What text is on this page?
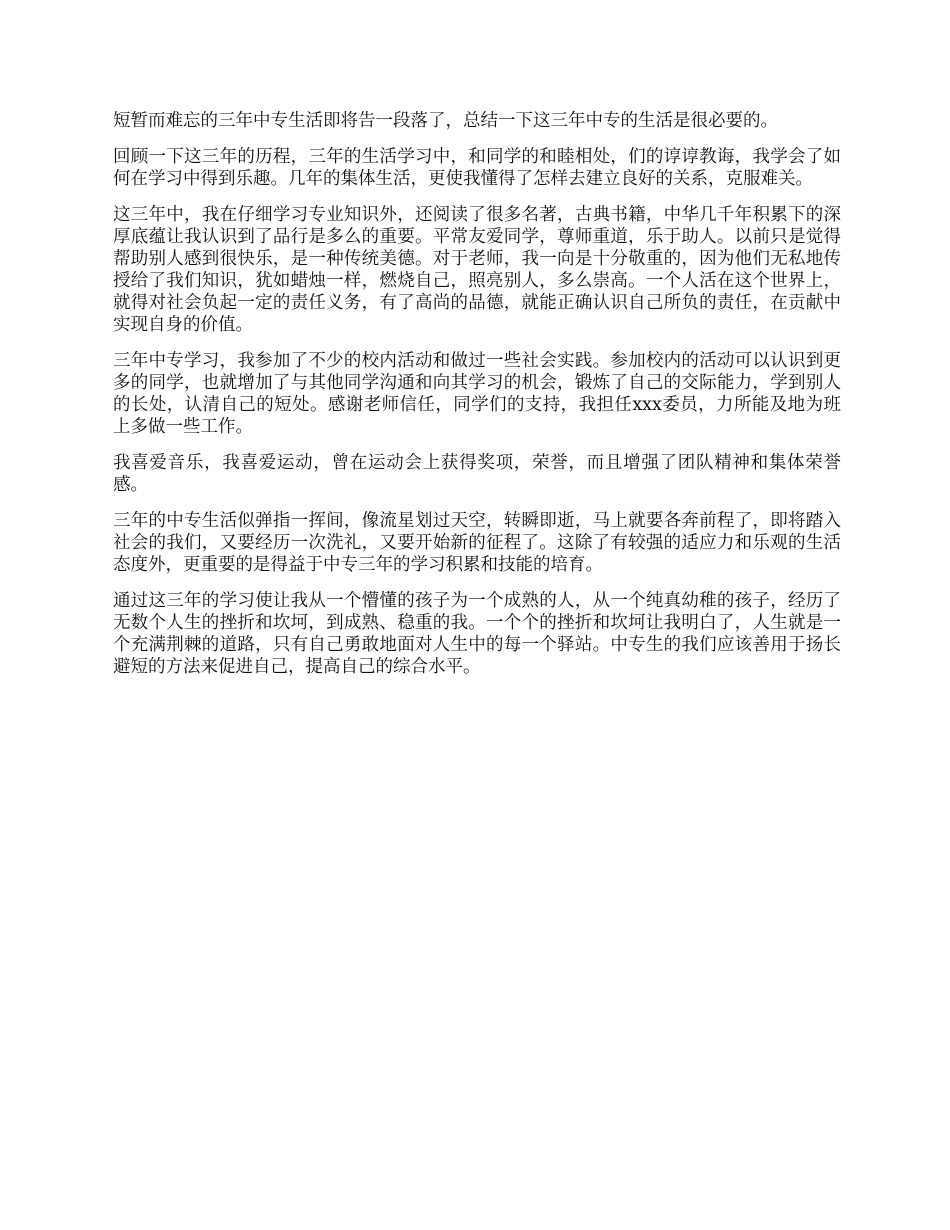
短暂而难忘的三年中专生活即将告一段落了，总结一下这三年中专的生活是很必要的。

回顾一下这三年的历程，三年的生活学习中，和同学的和睦相处，们的谆谆教诲，我学会了如何在学习中得到乐趣。几年的集体生活，更使我懂得了怎样去建立良好的关系，克服难关。

这三年中，我在仔细学习专业知识外，还阅读了很多名著，古典书籍，中华几千年积累下的深厚底蕴让我认识到了品行是多么的重要。平常友爱同学，尊师重道，乐于助人。以前只是觉得帮助别人感到很快乐，是一种传统美德。对于老师，我一向是十分敬重的，因为他们无私地传授给了我们知识，犹如蜡烛一样，燃烧自己，照亮别人，多么崇高。一个人活在这个世界上，就得对社会负起一定的责任义务，有了高尚的品德，就能正确认识自己所负的责任，在贡献中实现自身的价值。

三年中专学习，我参加了不少的校内活动和做过一些社会实践。参加校内的活动可以认识到更多的同学，也就增加了与其他同学沟通和向其学习的机会，锻炼了自己的交际能力，学到别人的长处，认清自己的短处。感谢老师信任，同学们的支持，我担任xxx委员，力所能及地为班上多做一些工作。

我喜爱音乐，我喜爱运动，曾在运动会上获得奖项，荣誉，而且增强了团队精神和集体荣誉感。

三年的中专生活似弹指一挥间，像流星划过天空，转瞬即逝，马上就要各奔前程了，即将踏入社会的我们，又要经历一次洗礼，又要开始新的征程了。这除了有较强的适应力和乐观的生活态度外，更重要的是得益于中专三年的学习积累和技能的培育。

通过这三年的学习使让我从一个懵懂的孩子为一个成熟的人，从一个纯真幼稚的孩子，经历了无数个人生的挫折和坎坷，到成熟、稳重的我。一个个的挫折和坎坷让我明白了，人生就是一个充满荆棘的道路，只有自己勇敢地面对人生中的每一个驿站。中专生的我们应该善用于扬长避短的方法来促进自己，提高自己的综合水平。
